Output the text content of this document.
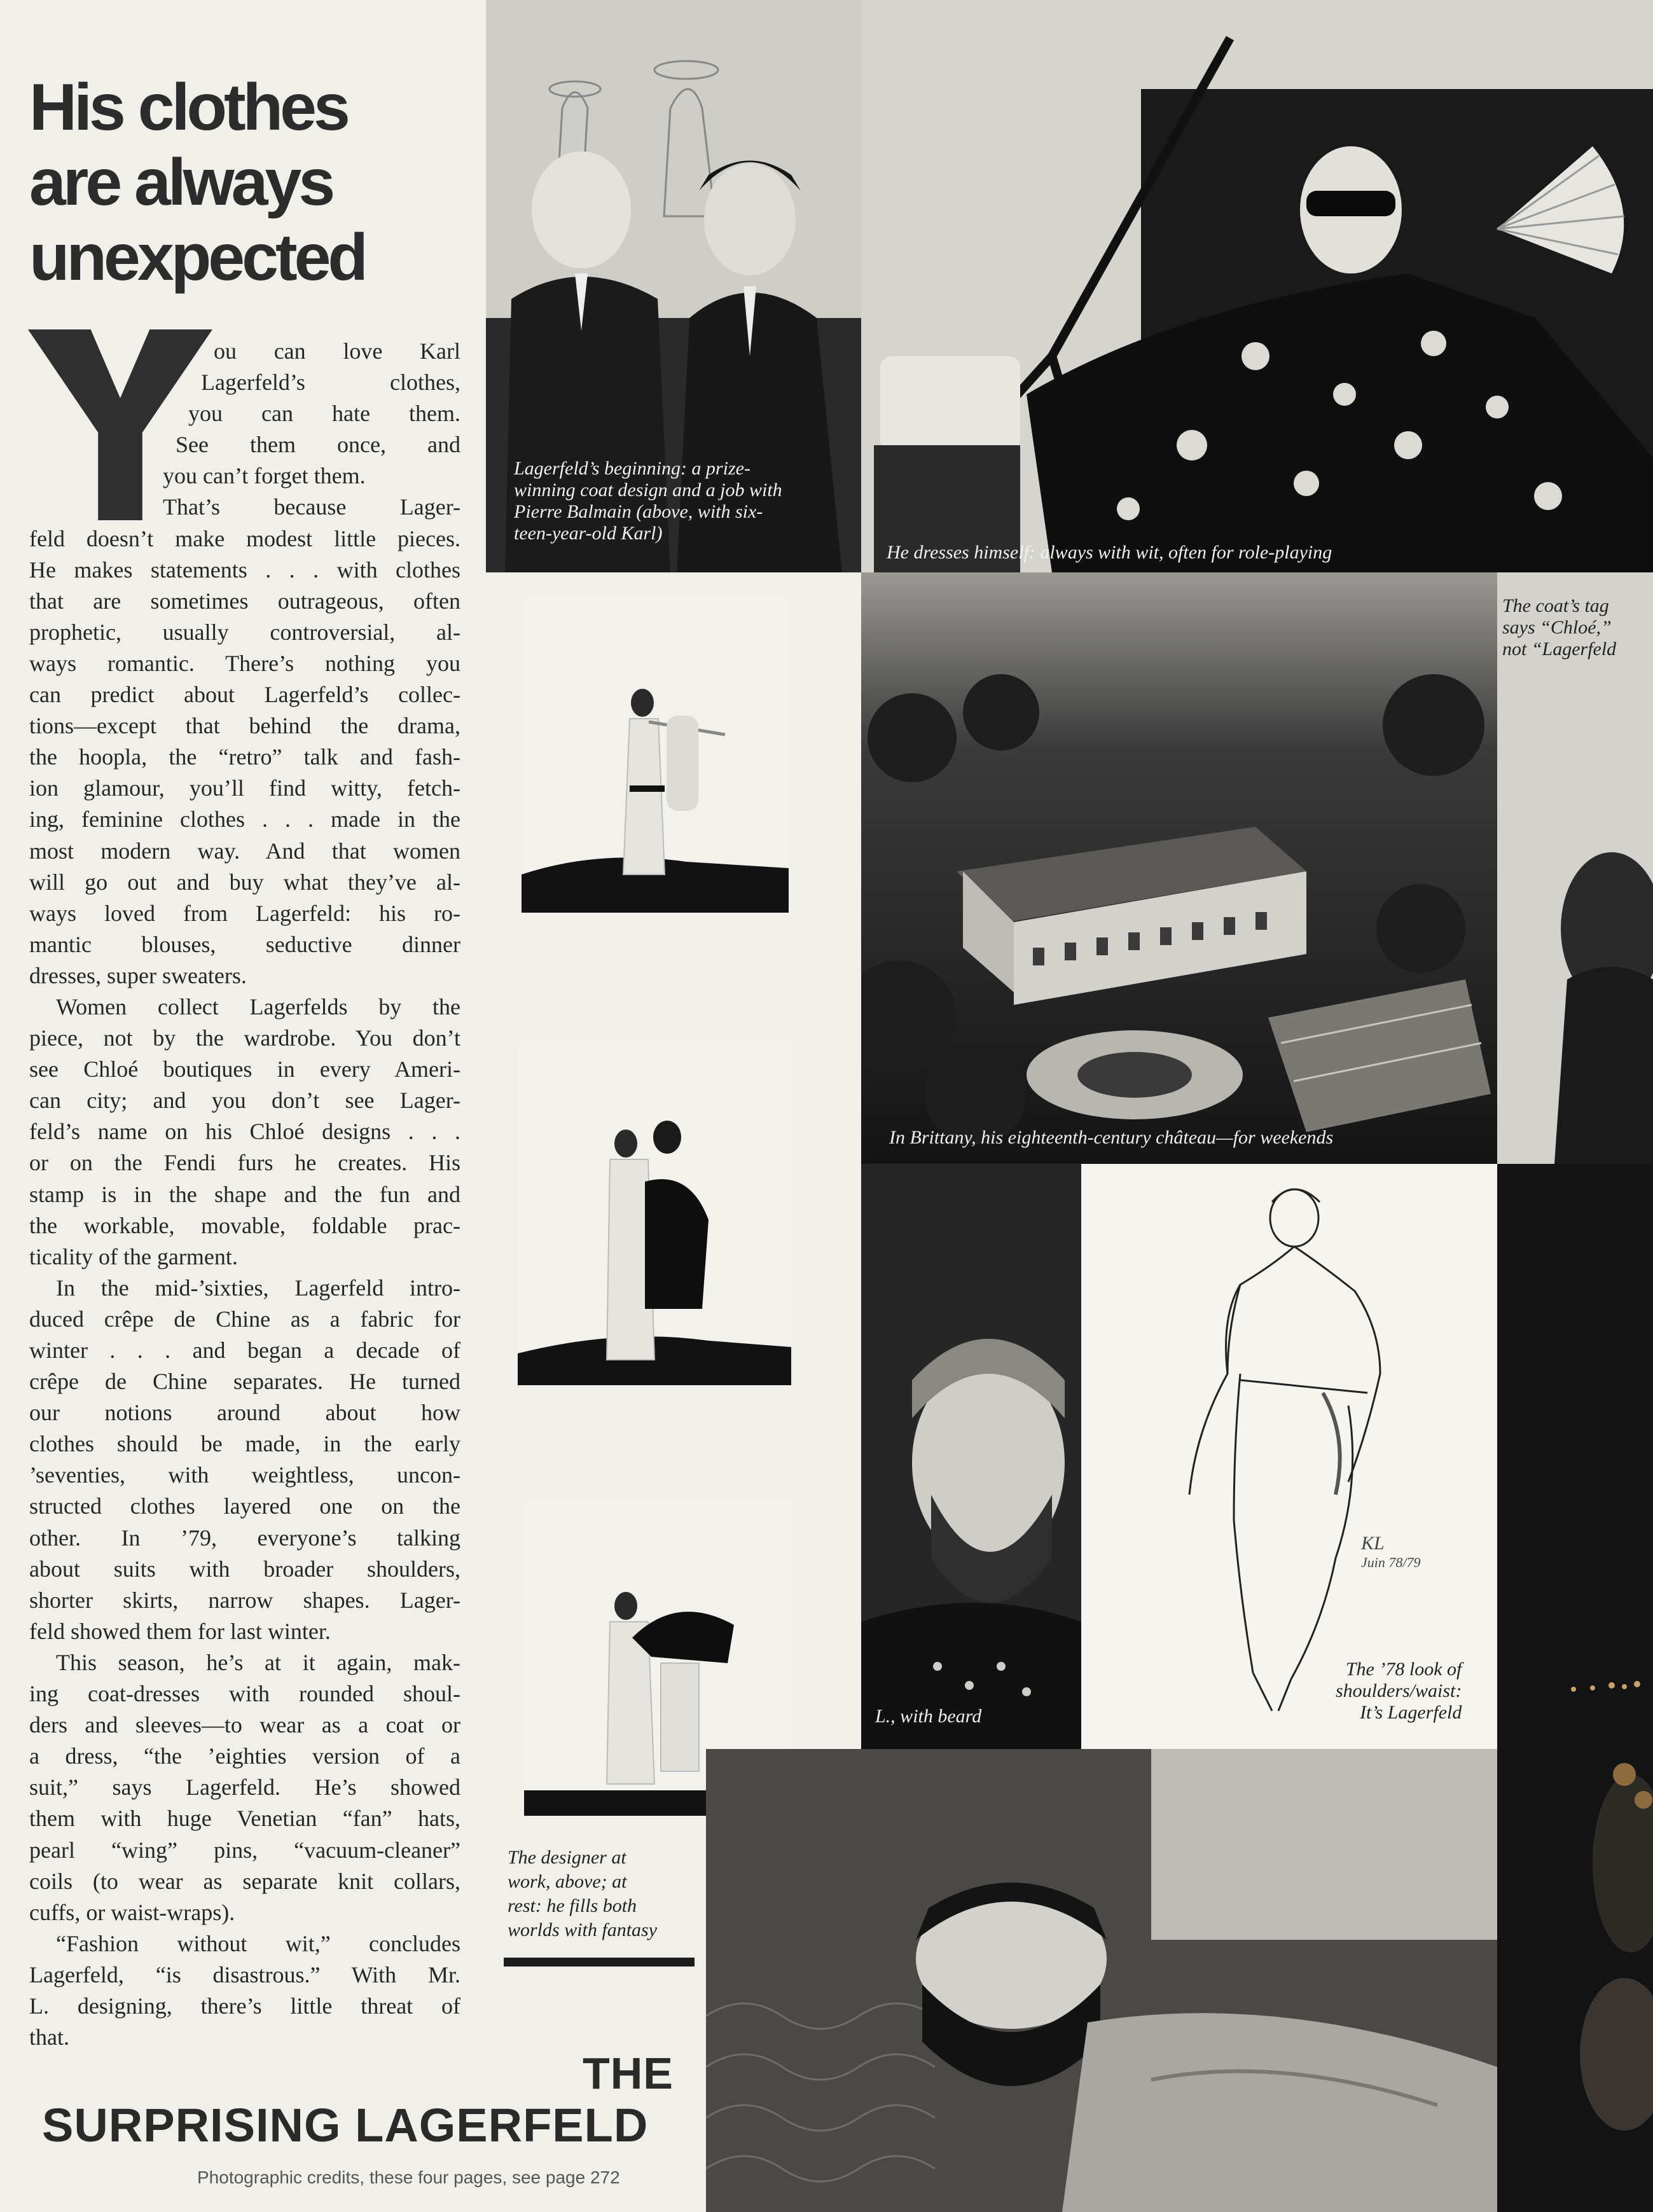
His clothes
are always
unexpected
ou can love Karl
Lagerfeld’s clothes,
you can hate them.
See them once, and
you can’t forget them.
That’s because Lager-
feld doesn’t make modest little pieces.
He makes statements . . . with clothes
that are sometimes outrageous, often
prophetic, usually controversial, al-
ways romantic. There’s nothing you
can predict about Lagerfeld’s collec-
tions—except that behind the drama,
the hoopla, the “retro” talk and fash-
ion glamour, you’ll find witty, fetch-
ing, feminine clothes . . . made in the
most modern way. And that women
will go out and buy what they’ve al-
ways loved from Lagerfeld: his ro-
mantic blouses, seductive dinner
dresses, super sweaters.
Women collect Lagerfelds by the
piece, not by the wardrobe. You don’t
see Chloé boutiques in every Ameri-
can city; and you don’t see Lager-
feld’s name on his Chloé designs . . .
or on the Fendi furs he creates. His
stamp is in the shape and the fun and
the workable, movable, foldable prac-
ticality of the garment.
In the mid-’sixties, Lagerfeld intro-
duced crêpe de Chine as a fabric for
winter . . . and began a decade of
crêpe de Chine separates. He turned
our notions around about how
clothes should be made, in the early
’seventies, with weightless, uncon-
structed clothes layered one on the
other. In ’79, everyone’s talking
about suits with broader shoulders,
shorter skirts, narrow shapes. Lager-
feld showed them for last winter.
This season, he’s at it again, mak-
ing coat-dresses with rounded shoul-
ders and sleeves—to wear as a coat or
a dress, “the ’eighties version of a
suit,” says Lagerfeld. He’s showed
them with huge Venetian “fan” hats,
pearl “wing” pins, “vacuum-cleaner”
coils (to wear as separate knit collars,
cuffs, or waist-wraps).
“Fashion without wit,” concludes
Lagerfeld, “is disastrous.” With Mr.
L. designing, there’s little threat of
that.

Lagerfeld’s beginning: a prize-
winning coat design and a job with
Pierre Balmain (above, with six-
teen-year-old Karl)

He dresses himself: always with wit, often for role-playing

The designer at
work, above; at
rest: he fills both
worlds with fantasy

In Brittany, his eighteenth-century château—for weekends

The coat’s tag
says “Chloé,”
not “Lagerfeld

L., with beard

KL
Juin 78/79

The ’78 look of
shoulders/waist:
It’s Lagerfeld

THE

SURPRISING LAGERFELD

Photographic credits, these four pages, see page 272
